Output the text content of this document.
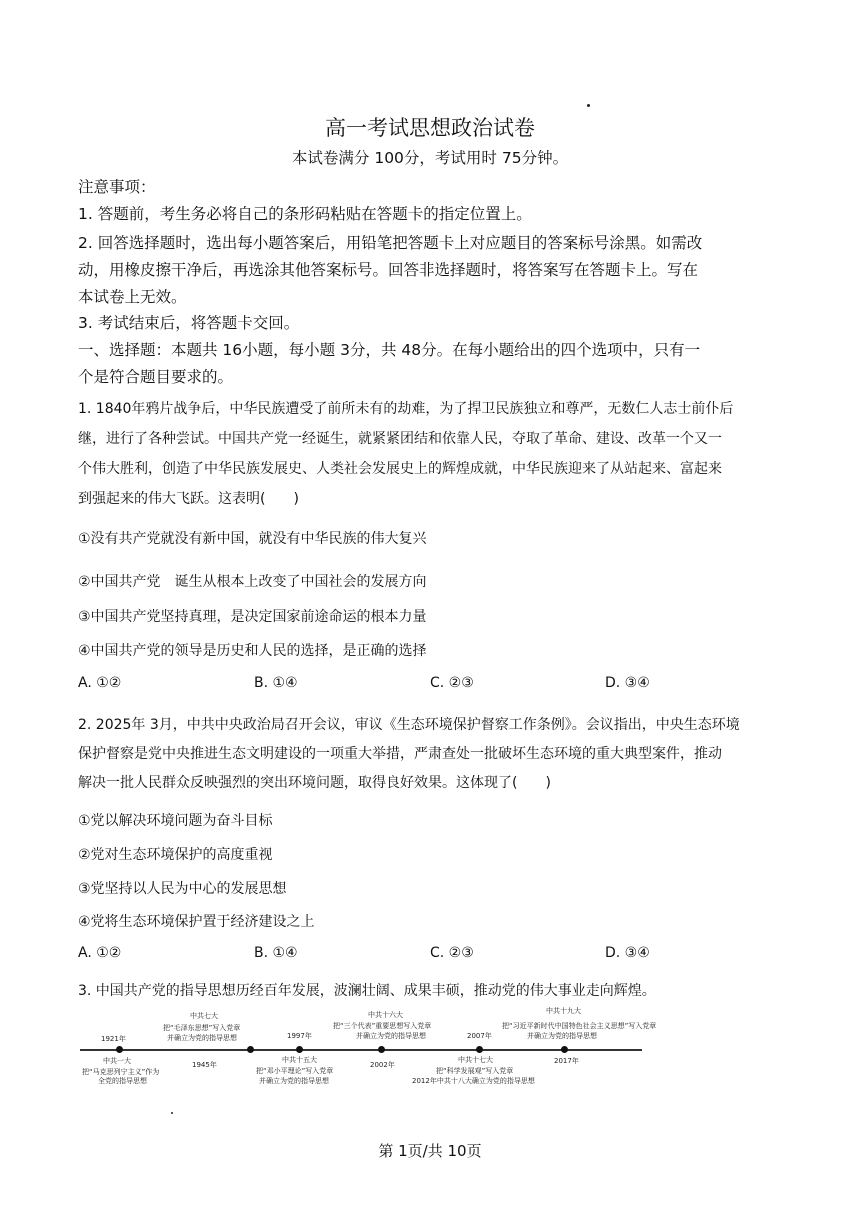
高一考试思想政治试卷
本试卷满分 100分，考试用时 75分钟。
注意事项：
1. 答题前，考生务必将自己的条形码粘贴在答题卡的指定位置上。
2. 回答选择题时，选出每小题答案后，用铅笔把答题卡上对应题目的答案标号涂黑。如需改
动，用橡皮擦干净后，再选涂其他答案标号。回答非选择题时，将答案写在答题卡上。写在
本试卷上无效。
3. 考试结束后，将答题卡交回。
一、选择题：本题共 16小题，每小题 3分，共 48分。在每小题给出的四个选项中，只有一
个是符合题目要求的。
1. 1840年鸦片战争后，中华民族遭受了前所未有的劫难，为了捍卫民族独立和尊严，无数仁人志士前仆后
继，进行了各种尝试。中国共产党一经诞生，就紧紧团结和依靠人民，夺取了革命、建设、改革一个又一
个伟大胜利，创造了中华民族发展史、人类社会发展史上的辉煌成就，中华民族迎来了从站起来、富起来
到强起来的伟大飞跃。这表明(　　)
①没有共产党就没有新中国，就没有中华民族的伟大复兴
②中国共产党　诞生从根本上改变了中国社会的发展方向
③中国共产党坚持真理，是决定国家前途命运的根本力量
④中国共产党的领导是历史和人民的选择，是正确的选择
A. ①②	B. ①④	C. ②③	D. ③④
2. 2025年 3月，中共中央政治局召开会议，审议《生态环境保护督察工作条例》。会议指出，中央生态环境
保护督察是党中央推进生态文明建设的一项重大举措，严肃查处一批破坏生态环境的重大典型案件，推动
解决一批人民群众反映强烈的突出环境问题，取得良好效果。这体现了(　　)
①党以解决环境问题为奋斗目标
②党对生态环境保护的高度重视
③党坚持以人民为中心的发展思想
④党将生态环境保护置于经济建设之上
A. ①②	B. ①④	C. ②③	D. ③④
3. 中国共产党的指导思想历经百年发展，波澜壮阔、成果丰硕，推动党的伟大事业走向辉煌。
1921年
中共一大
把“马克思列宁主义”作为
全党的指导思想
中共七大
把“毛泽东思想”写入党章
并确立为党的指导思想
1945年
1997年
中共十五大
把“邓小平理论”写入党章
并确立为党的指导思想
中共十六大
把“三个代表”重要思想写入党章
并确立为党的指导思想
2002年
2007年
中共十七大
把“科学发展观”写入党章
2012年中共十八大确立为党的指导思想
中共十九大
把“习近平新时代中国特色社会主义思想”写入党章
并确立为党的指导思想
2017年
第 1页/共 10页
